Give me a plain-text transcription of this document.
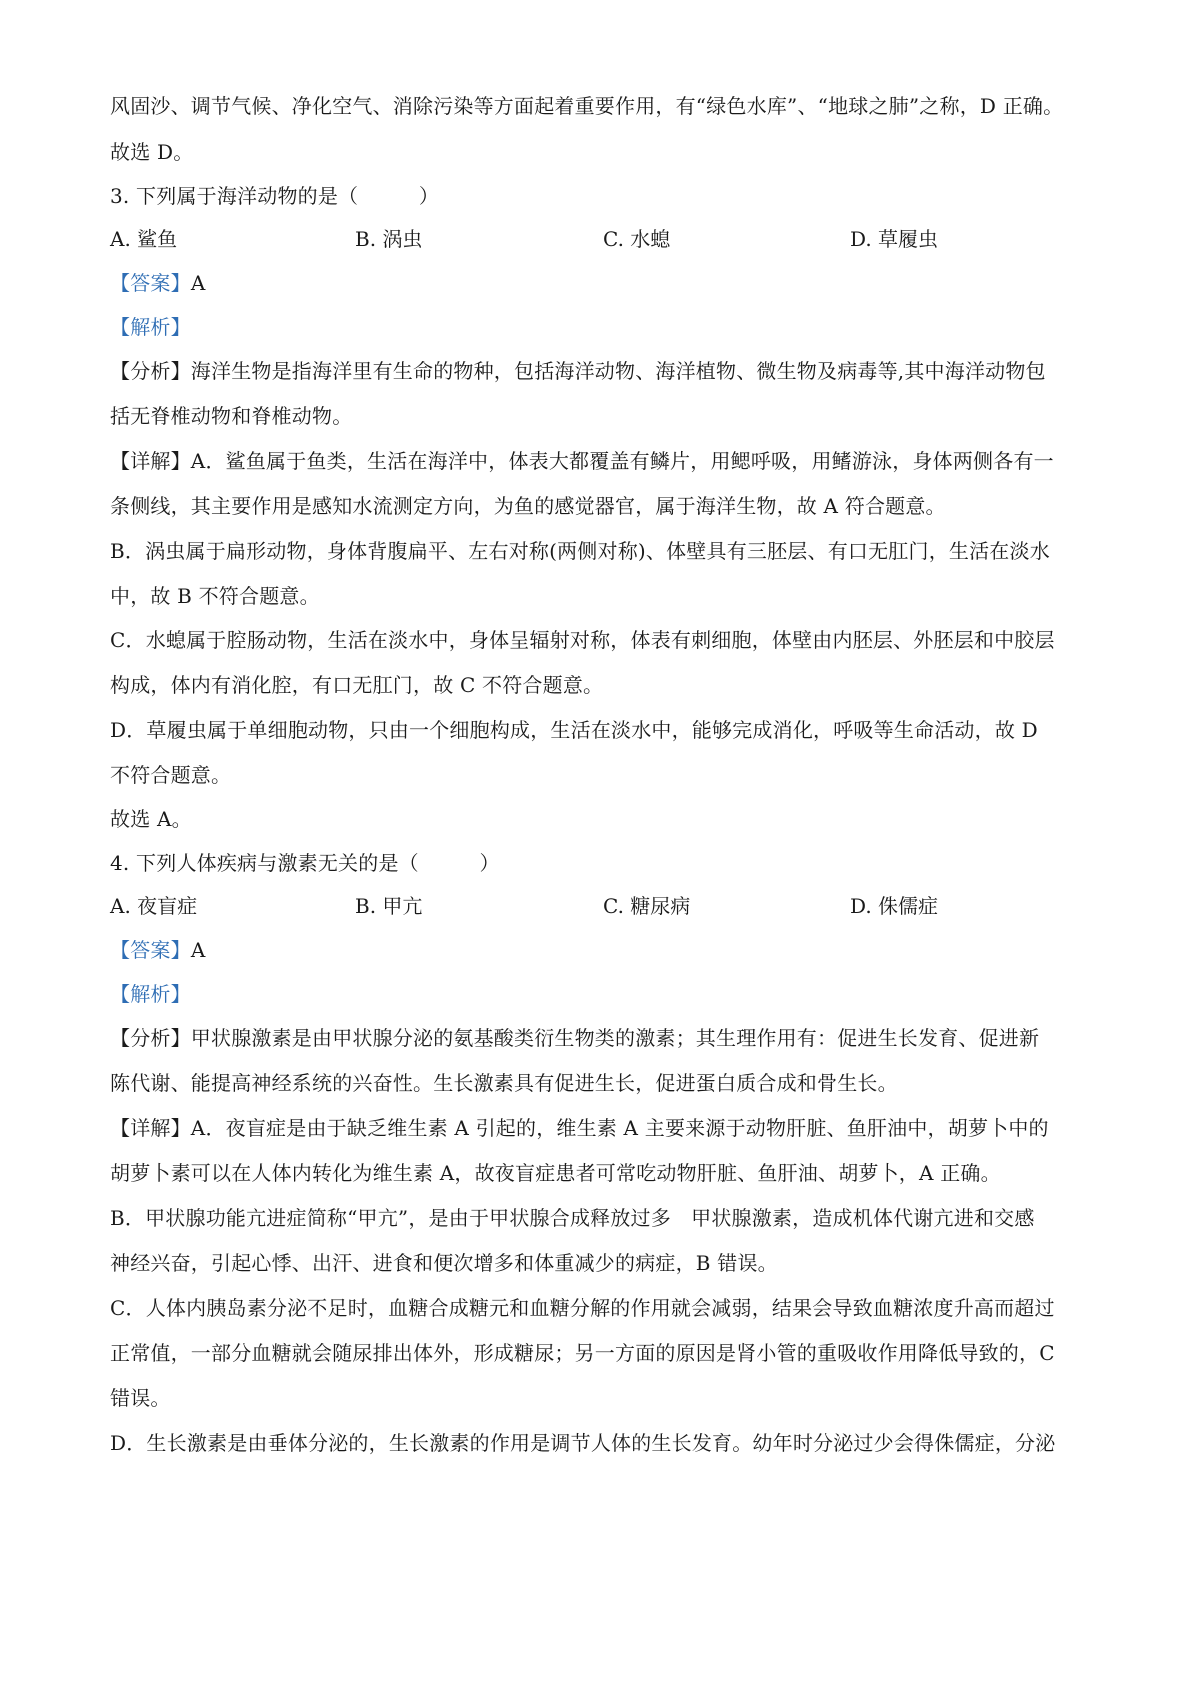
风固沙、调节气候、净化空气、消除污染等方面起着重要作用，有“绿色水库”、“地球之肺”之称，D 正确。
故选 D。
3. 下列属于海洋动物的是（　　　）
A. 鲨鱼	B. 涡虫	C. 水螅	D. 草履虫
【答案】A
【解析】
【分析】海洋生物是指海洋里有生命的物种，包括海洋动物、海洋植物、微生物及病毒等,其中海洋动物包
括无脊椎动物和脊椎动物。
【详解】A．鲨鱼属于鱼类，生活在海洋中，体表大都覆盖有鳞片，用鳃呼吸，用鳍游泳，身体两侧各有一
条侧线，其主要作用是感知水流测定方向，为鱼的感觉器官，属于海洋生物，故 A 符合题意。
B．涡虫属于扁形动物，身体背腹扁平、左右对称(两侧对称)、体壁具有三胚层、有口无肛门，生活在淡水
中，故 B 不符合题意。
C．水螅属于腔肠动物，生活在淡水中，身体呈辐射对称，体表有刺细胞，体壁由内胚层、外胚层和中胶层
构成，体内有消化腔，有口无肛门，故 C 不符合题意。
D．草履虫属于单细胞动物，只由一个细胞构成，生活在淡水中，能够完成消化，呼吸等生命活动，故 D
不符合题意。
故选 A。
4. 下列人体疾病与激素无关的是（　　　）
A. 夜盲症	B. 甲亢	C. 糖尿病	D. 侏儒症
【答案】A
【解析】
【分析】甲状腺激素是由甲状腺分泌的氨基酸类衍生物类的激素；其生理作用有：促进生长发育、促进新
陈代谢、能提高神经系统的兴奋性。生长激素具有促进生长，促进蛋白质合成和骨生长。
【详解】A．夜盲症是由于缺乏维生素 A 引起的，维生素 A 主要来源于动物肝脏、鱼肝油中，胡萝卜中的
胡萝卜素可以在人体内转化为维生素 A，故夜盲症患者可常吃动物肝脏、鱼肝油、胡萝卜，A 正确。
B．甲状腺功能亢进症简称“甲亢”，是由于甲状腺合成释放过多　甲状腺激素，造成机体代谢亢进和交感
神经兴奋，引起心悸、出汗、进食和便次增多和体重减少的病症，B 错误。
C．人体内胰岛素分泌不足时，血糖合成糖元和血糖分解的作用就会减弱，结果会导致血糖浓度升高而超过
正常值，一部分血糖就会随尿排出体外，形成糖尿；另一方面的原因是肾小管的重吸收作用降低导致的，C
错误。
D．生长激素是由垂体分泌的，生长激素的作用是调节人体的生长发育。幼年时分泌过少会得侏儒症，分泌
